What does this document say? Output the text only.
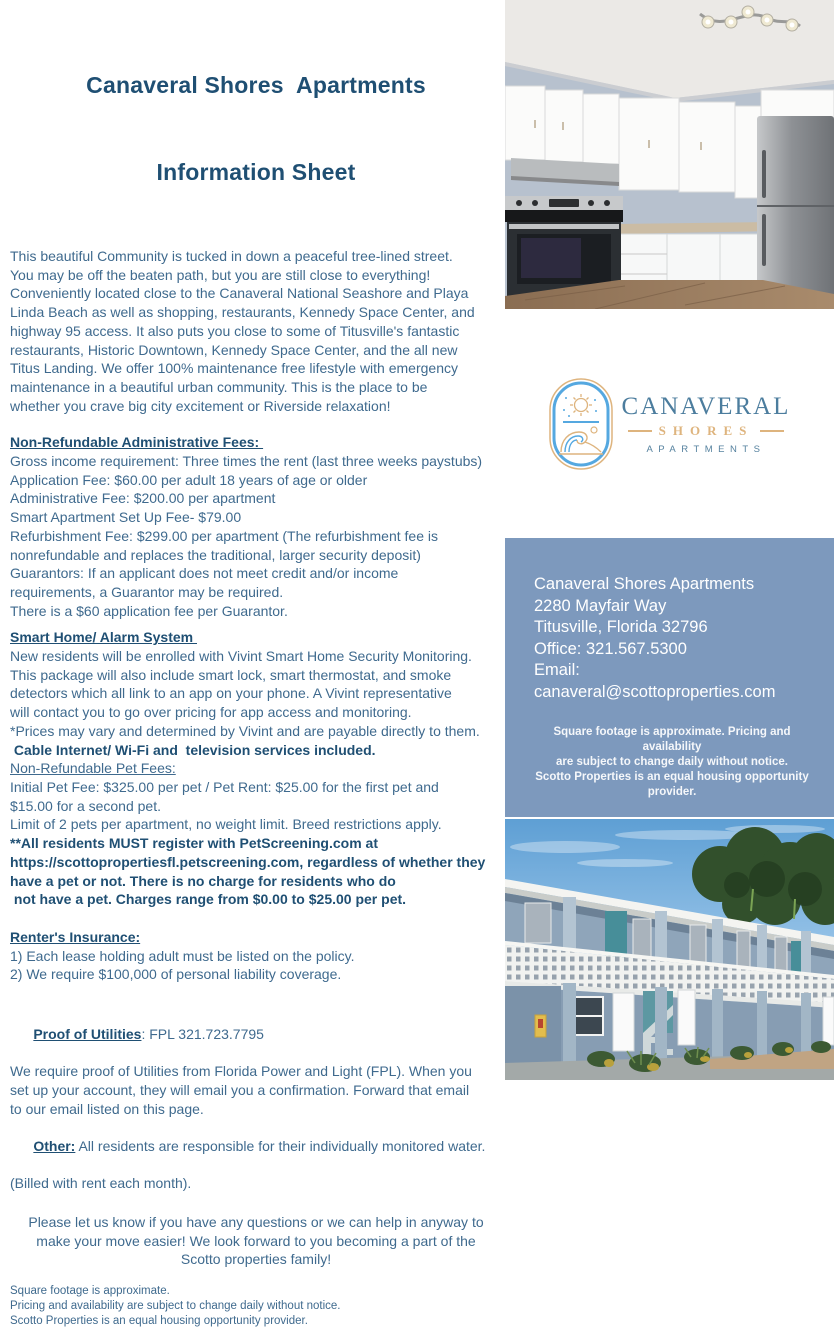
Canaveral Shores  Apartments

Information Sheet

This beautiful Community is tucked in down a peaceful tree-lined street.
You may be off the beaten path, but you are still close to everything!
Conveniently located close to the Canaveral National Seashore and Playa
Linda Beach as well as shopping, restaurants, Kennedy Space Center, and
highway 95 access. It also puts you close to some of Titusville's fantastic
restaurants, Historic Downtown, Kennedy Space Center, and the all new
Titus Landing. We offer 100% maintenance free lifestyle with emergency
maintenance in a beautiful urban community. This is the place to be
whether you crave big city excitement or Riverside relaxation!
Non-Refundable Administrative Fees:
Gross income requirement: Three times the rent (last three weeks paystubs)
Application Fee: $60.00 per adult 18 years of age or older
Administrative Fee: $200.00 per apartment
Smart Apartment Set Up Fee- $79.00
Refurbishment Fee: $299.00 per apartment (The refurbishment fee is
nonrefundable and replaces the traditional, larger security deposit)
Guarantors: If an applicant does not meet credit and/or income
requirements, a Guarantor may be required.
There is a $60 application fee per Guarantor.
Smart Home/ Alarm System
New residents will be enrolled with Vivint Smart Home Security Monitoring.
This package will also include smart lock, smart thermostat, and smoke
detectors which all link to an app on your phone. A Vivint representative
will contact you to go over pricing for app access and monitoring.
*Prices may vary and determined by Vivint and are payable directly to them.
Cable Internet/ Wi-Fi and  television services included.
Non-Refundable Pet Fees:
Initial Pet Fee: $325.00 per pet / Pet Rent: $25.00 for the first pet and
$15.00 for a second pet.
Limit of 2 pets per apartment, no weight limit. Breed restrictions apply.
**All residents MUST register with PetScreening.com at
https://scottopropertiesfl.petscreening.com, regardless of whether they
have a pet or not. There is no charge for residents who do
not have a pet. Charges range from $0.00 to $25.00 per pet.
Renter's Insurance:
1) Each lease holding adult must be listed on the policy.
2) We require $100,000 of personal liability coverage.

Proof of Utilities: FPL 321.723.7795

We require proof of Utilities from Florida Power and Light (FPL). When you
set up your account, they will email you a confirmation. Forward that email
to our email listed on this page.

Other: All residents are responsible for their individually monitored water.

(Billed with rent each month).
Please let us know if you have any questions or we can help in anyway to
make your move easier! We look forward to you becoming a part of the
Scotto properties family!
Square footage is approximate.
Pricing and availability are subject to change daily without notice.
Scotto Properties is an equal housing opportunity provider.
CANAVERAL
SHORES
APARTMENTS
Canaveral Shores Apartments
2280 Mayfair Way
Titusville, Florida 32796
Office: 321.567.5300
Email:
canaveral@scottoproperties.com
Square footage is approximate. Pricing and
availability
are subject to change daily without notice.
Scotto Properties is an equal housing opportunity
provider.
